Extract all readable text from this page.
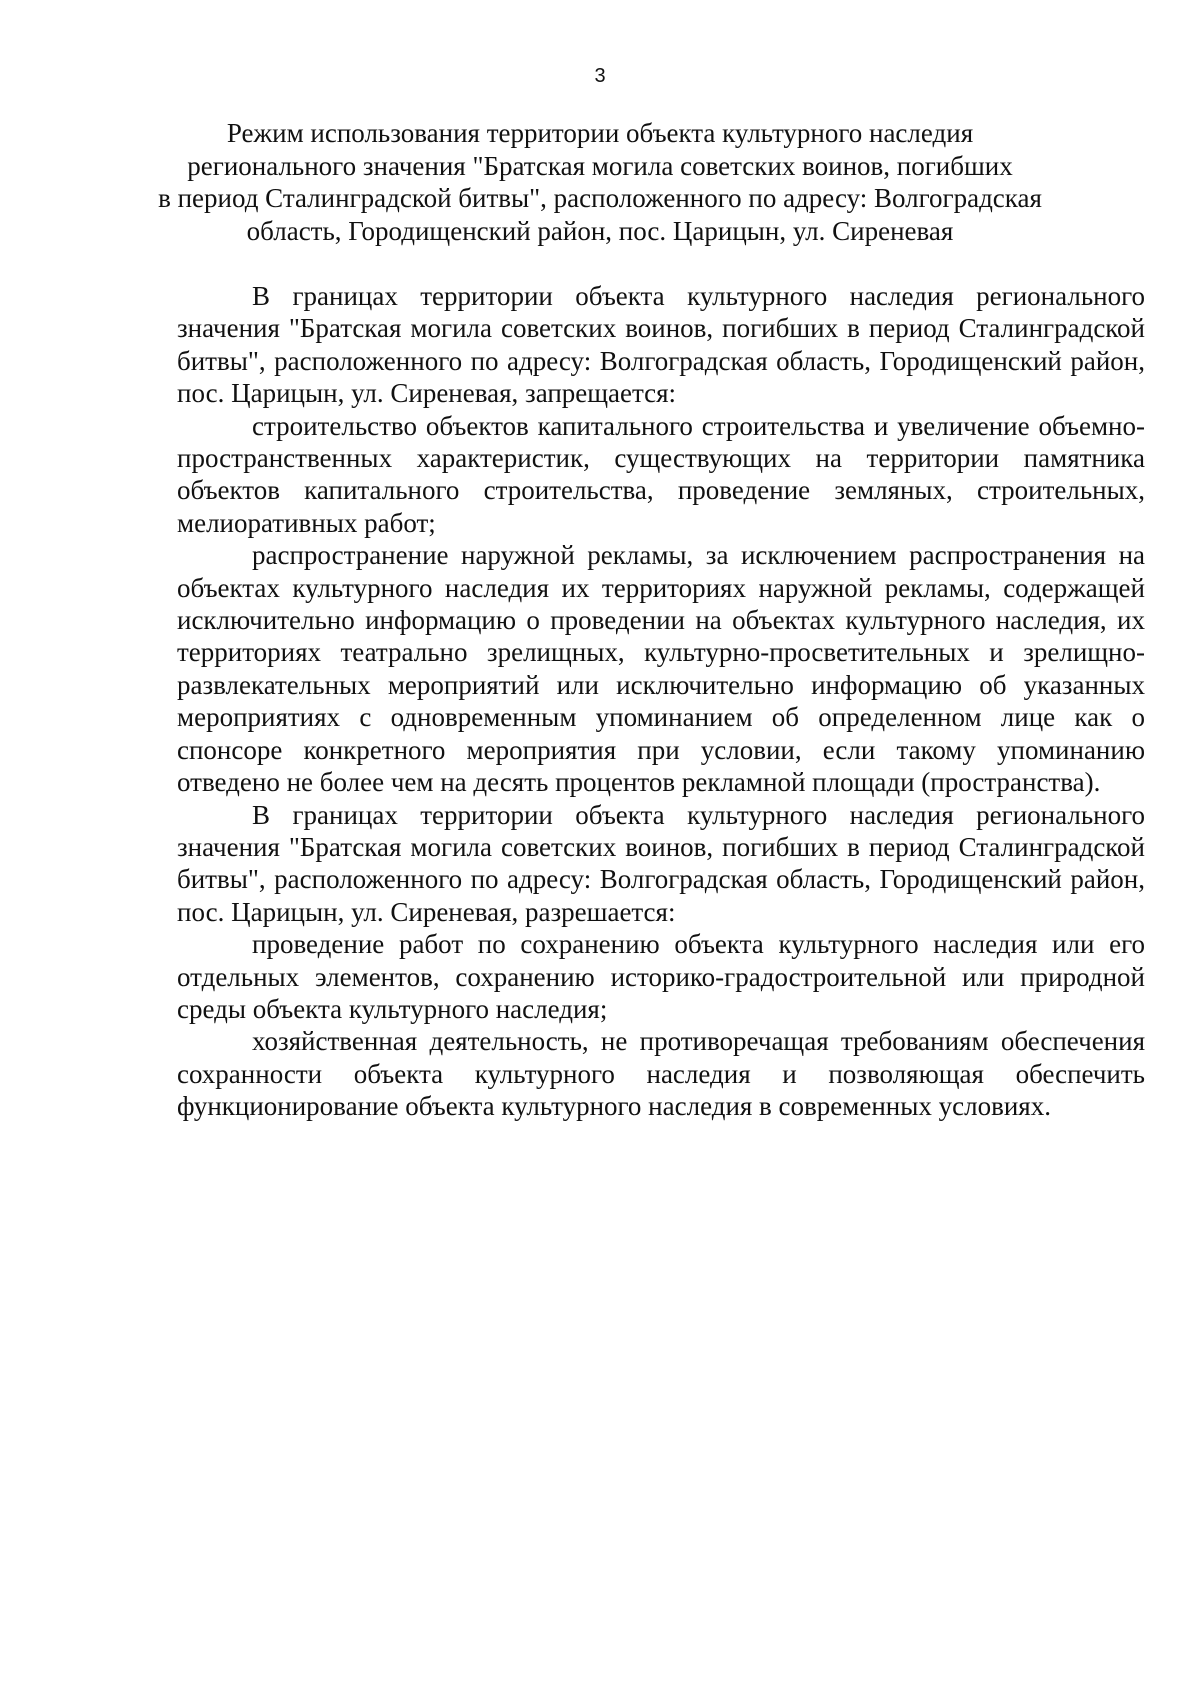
3
Режим использования территории объекта культурного наследия
регионального значения "Братская могила советских воинов, погибших
в период Сталинградской битвы", расположенного по адресу: Волгоградская
область, Городищенский район, пос. Царицын, ул. Сиреневая

В границах территории объекта культурного наследия регионального значения "Братская могила советских воинов, погибших в период Сталинградской битвы", расположенного по адресу: Волгоградская область, Городищенский район, пос. Царицын, ул. Сиреневая, запрещается:

строительство объектов капитального строительства и увеличение объемно-пространственных характеристик, существующих на территории памятника объектов капитального строительства, проведение земляных, строительных, мелиоративных работ;

распространение наружной рекламы, за исключением распространения на объектах культурного наследия их территориях наружной рекламы, содержащей исключительно информацию о проведении на объектах культурного наследия, их территориях театрально зрелищных, культурно-просветительных и зрелищно-развлекательных мероприятий или исключительно информацию об указанных мероприятиях с одновременным упоминанием об определенном лице как о спонсоре конкретного мероприятия при условии, если такому упоминанию отведено не более чем на десять процентов рекламной площади (пространства).

В границах территории объекта культурного наследия регионального значения "Братская могила советских воинов, погибших в период Сталинградской битвы", расположенного по адресу: Волгоградская область, Городищенский район, пос. Царицын, ул. Сиреневая, разрешается:

проведение работ по сохранению объекта культурного наследия или его отдельных элементов, сохранению историко-градостроительной или природной среды объекта культурного наследия;

хозяйственная деятельность, не противоречащая требованиям обеспечения сохранности объекта культурного наследия и позволяющая обеспечить функционирование объекта культурного наследия в современных условиях.
